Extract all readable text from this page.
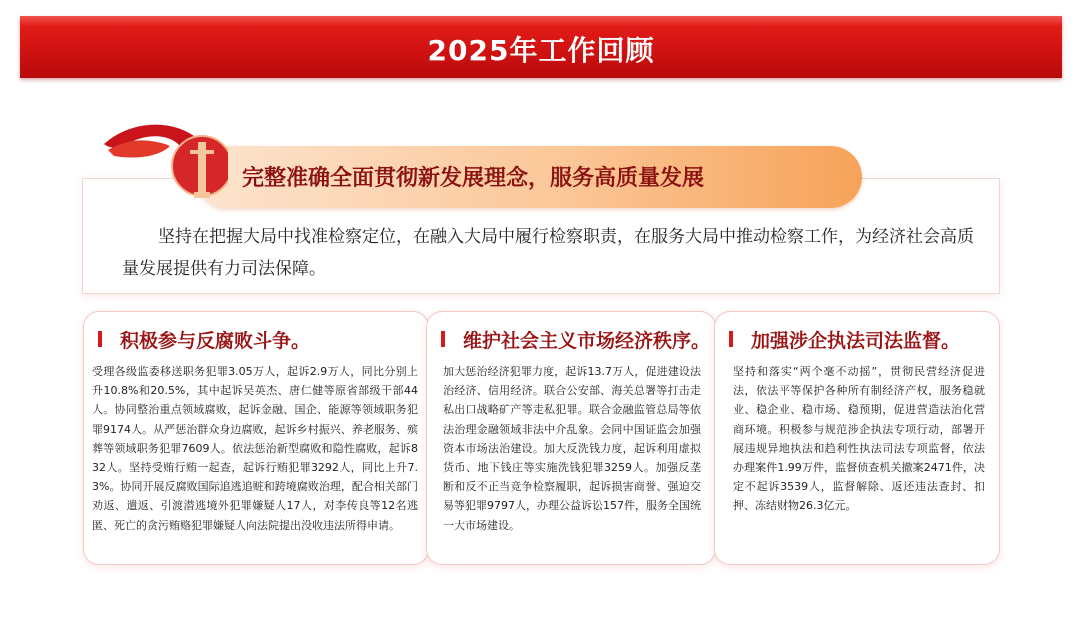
2025年工作回顾
完整准确全面贯彻新发展理念，服务高质量发展
坚持在把握大局中找准检察定位，在融入大局中履行检察职责，在服务大局中推动检察工作，为经济社会高质量发展提供有力司法保障。
积极参与反腐败斗争。
受理各级监委移送职务犯罪3.05万人，起诉2.9万人，同比分别上升10.8%和20.5%，其中起诉吴英杰、唐仁健等原省部级干部44人。协同整治重点领域腐败，起诉金融、国企、能源等领域职务犯罪9174人。从严惩治群众身边腐败，起诉乡村振兴、养老服务、殡葬等领域职务犯罪7609人。依法惩治新型腐败和隐性腐败，起诉832人。坚持受贿行贿一起查，起诉行贿犯罪3292人，同比上升7.3%。协同开展反腐败国际追逃追赃和跨境腐败治理，配合相关部门劝返、遣返、引渡潜逃境外犯罪嫌疑人17人，对李传良等12名逃匿、死亡的贪污贿赂犯罪嫌疑人向法院提出没收违法所得申请。
维护社会主义市场经济秩序。
加大惩治经济犯罪力度，起诉13.7万人，促进建设法治经济、信用经济。联合公安部、海关总署等打击走私出口战略矿产等走私犯罪。联合金融监管总局等依法治理金融领域非法中介乱象。会同中国证监会加强资本市场法治建设。加大反洗钱力度，起诉利用虚拟货币、地下钱庄等实施洗钱犯罪3259人。加强反垄断和反不正当竞争检察履职，起诉损害商誉、强迫交易等犯罪9797人，办理公益诉讼157件，服务全国统一大市场建设。
加强涉企执法司法监督。
坚持和落实“两个毫不动摇”，贯彻民营经济促进法，依法平等保护各种所有制经济产权，服务稳就业、稳企业、稳市场、稳预期，促进营造法治化营商环境。积极参与规范涉企执法专项行动，部署开展违规异地执法和趋利性执法司法专项监督，依法办理案件1.99万件，监督侦查机关撤案2471件，决定不起诉3539人，监督解除、返还违法查封、扣押、冻结财物26.3亿元。
